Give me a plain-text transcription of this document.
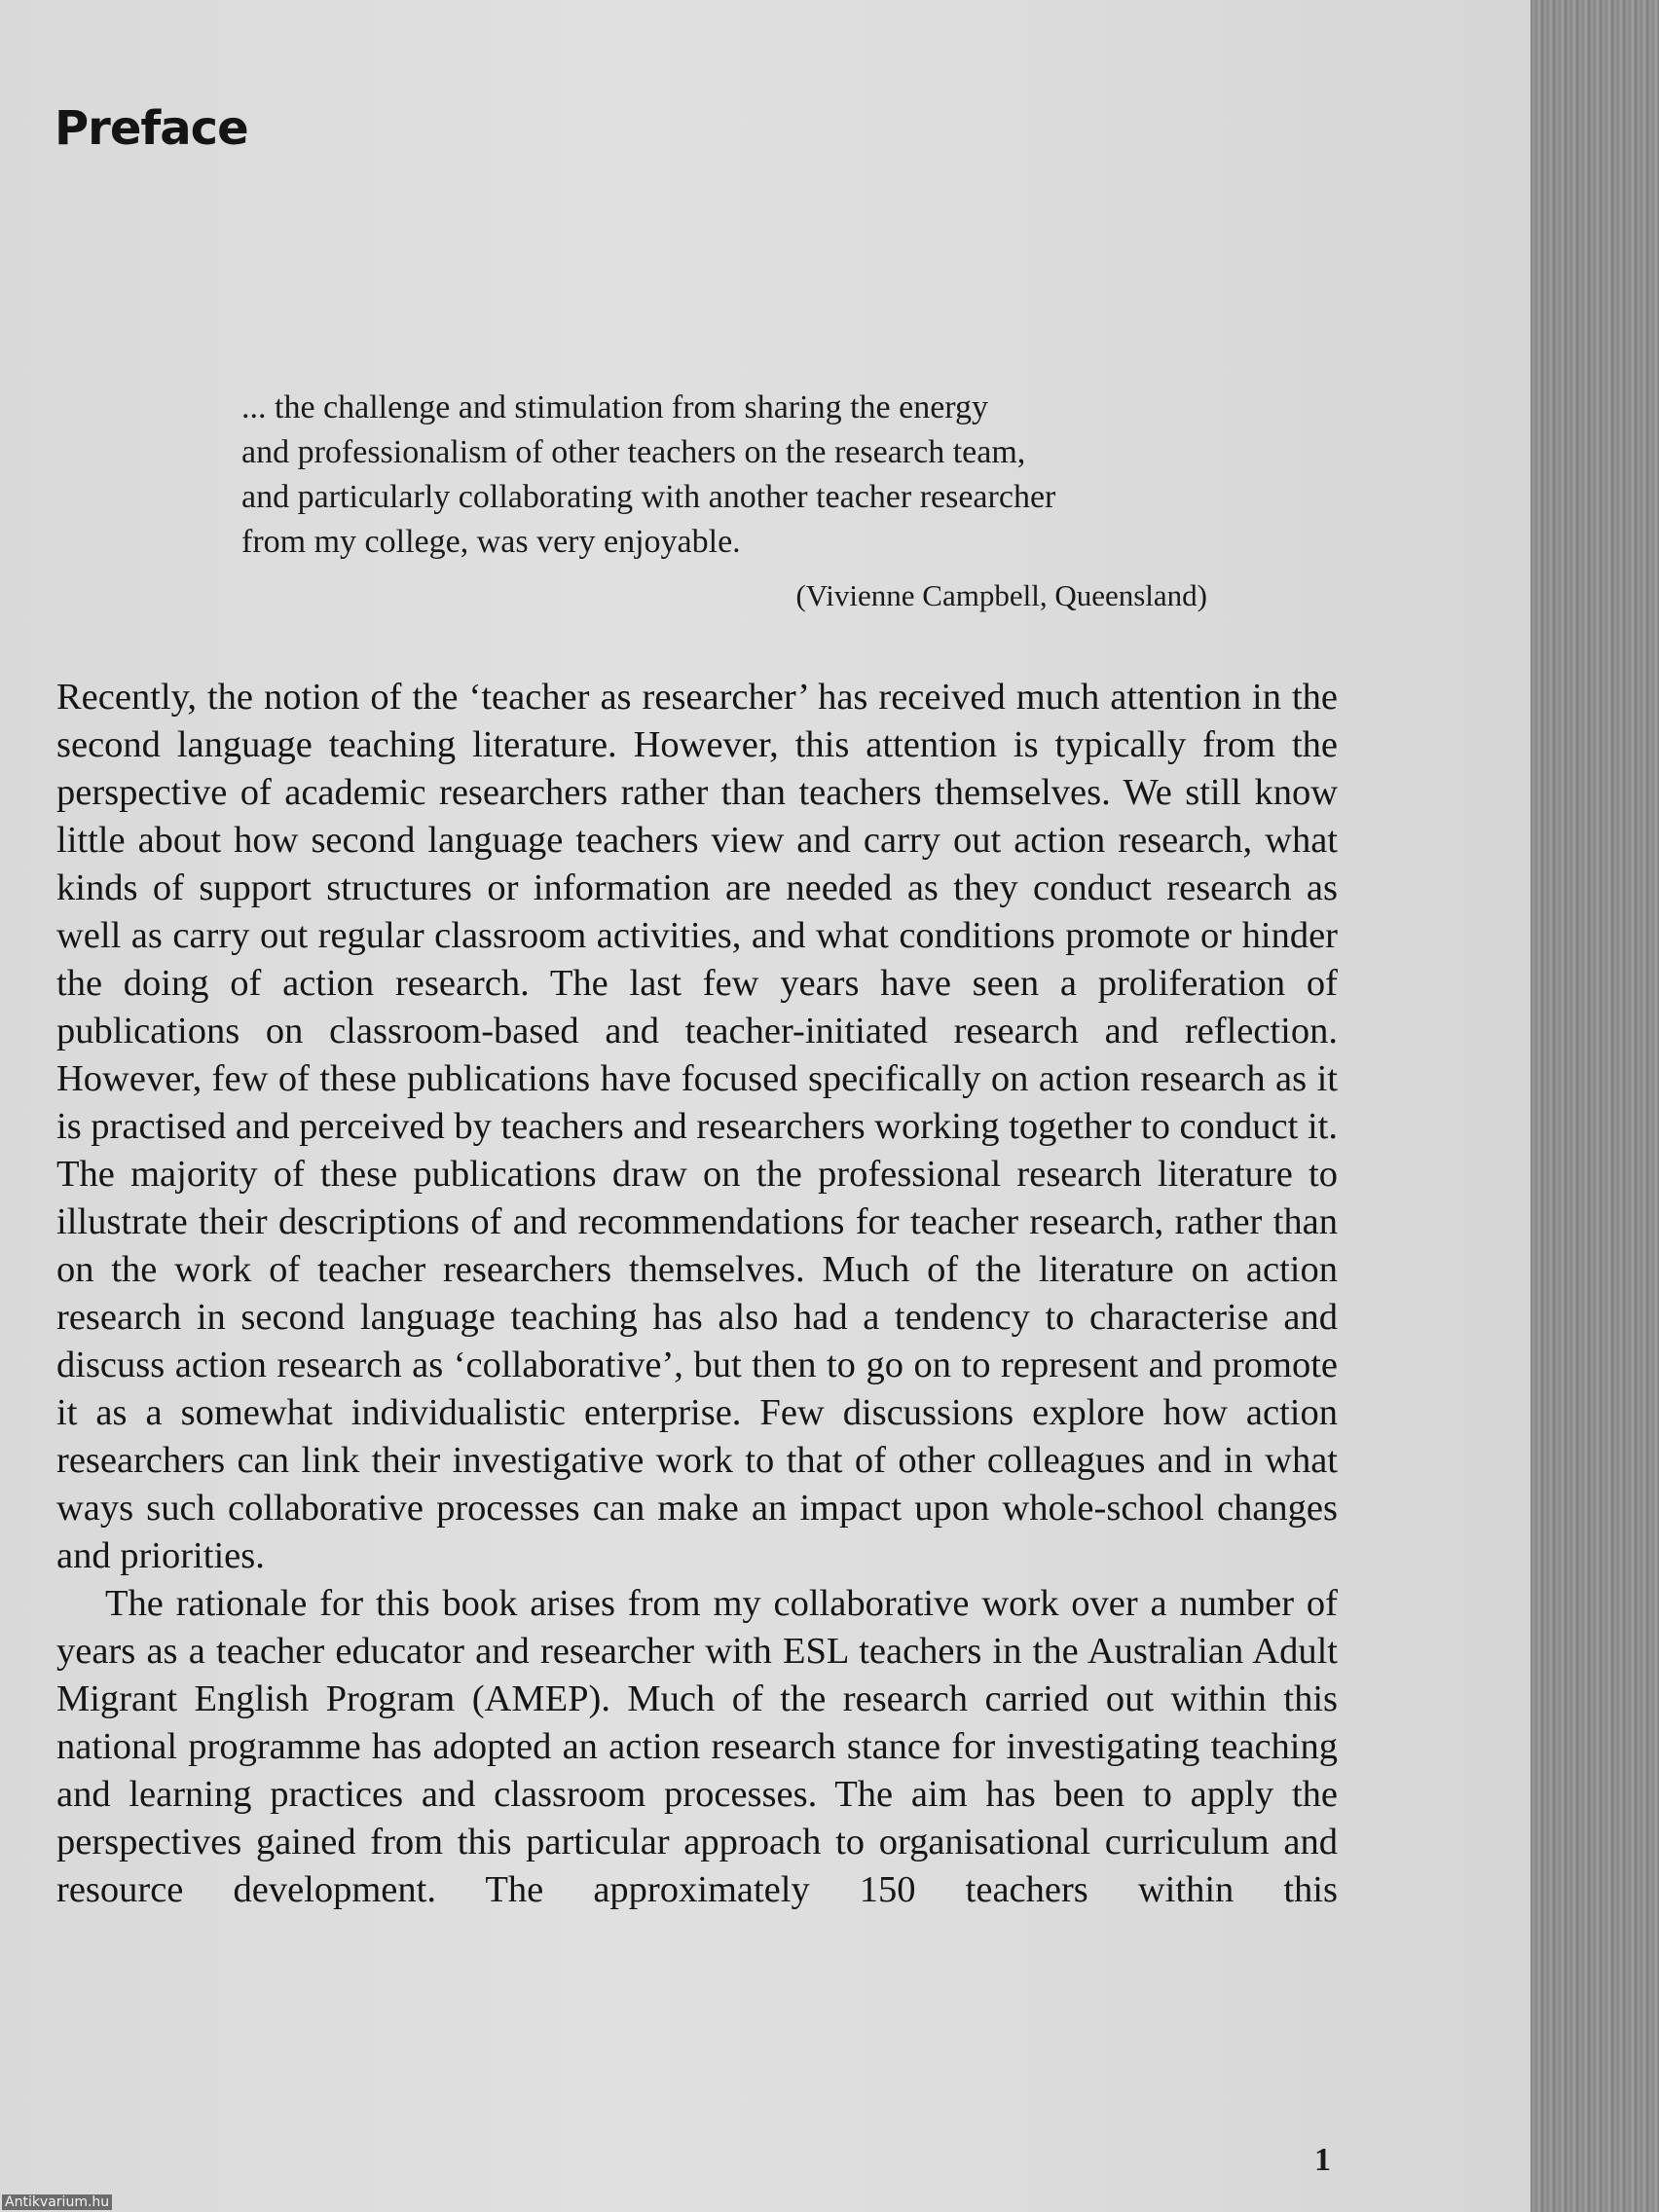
Preface

... the challenge and stimulation from sharing the energy
and professionalism of other teachers on the research team,
and particularly collaborating with another teacher researcher
from my college, was very enjoyable.

(Vivienne Campbell, Queensland)

Recently, the notion of the ‘teacher as researcher’ has received much attention in the second language teaching literature. However, this attention is typically from the perspective of academic researchers rather than teachers themselves. We still know little about how second language teachers view and carry out action research, what kinds of support structures or information are needed as they conduct research as well as carry out regular classroom activities, and what conditions promote or hinder the doing of action research. The last few years have seen a proliferation of publications on classroom-based and teacher-initiated research and reflection. However, few of these publications have focused specifically on action research as it is practised and perceived by teachers and researchers working together to conduct it. The majority of these publications draw on the professional research literature to illustrate their descriptions of and recommendations for teacher research, rather than on the work of teacher researchers themselves. Much of the literature on action research in second language teaching has also had a tendency to characterise and discuss action research as ‘collaborative’, but then to go on to represent and promote it as a somewhat individualistic enterprise. Few discussions explore how action researchers can link their investigative work to that of other colleagues and in what ways such collaborative processes can make an impact upon whole-school changes and priorities.

The rationale for this book arises from my collaborative work over a number of years as a teacher educator and researcher with ESL teachers in the Australian Adult Migrant English Program (AMEP). Much of the research carried out within this national programme has adopted an action research stance for investigating teaching and learning practices and classroom processes. The aim has been to apply the perspectives gained from this particular approach to organisational curriculum and resource development. The approximately 150 teachers within this

1
Antikvarium.hu
